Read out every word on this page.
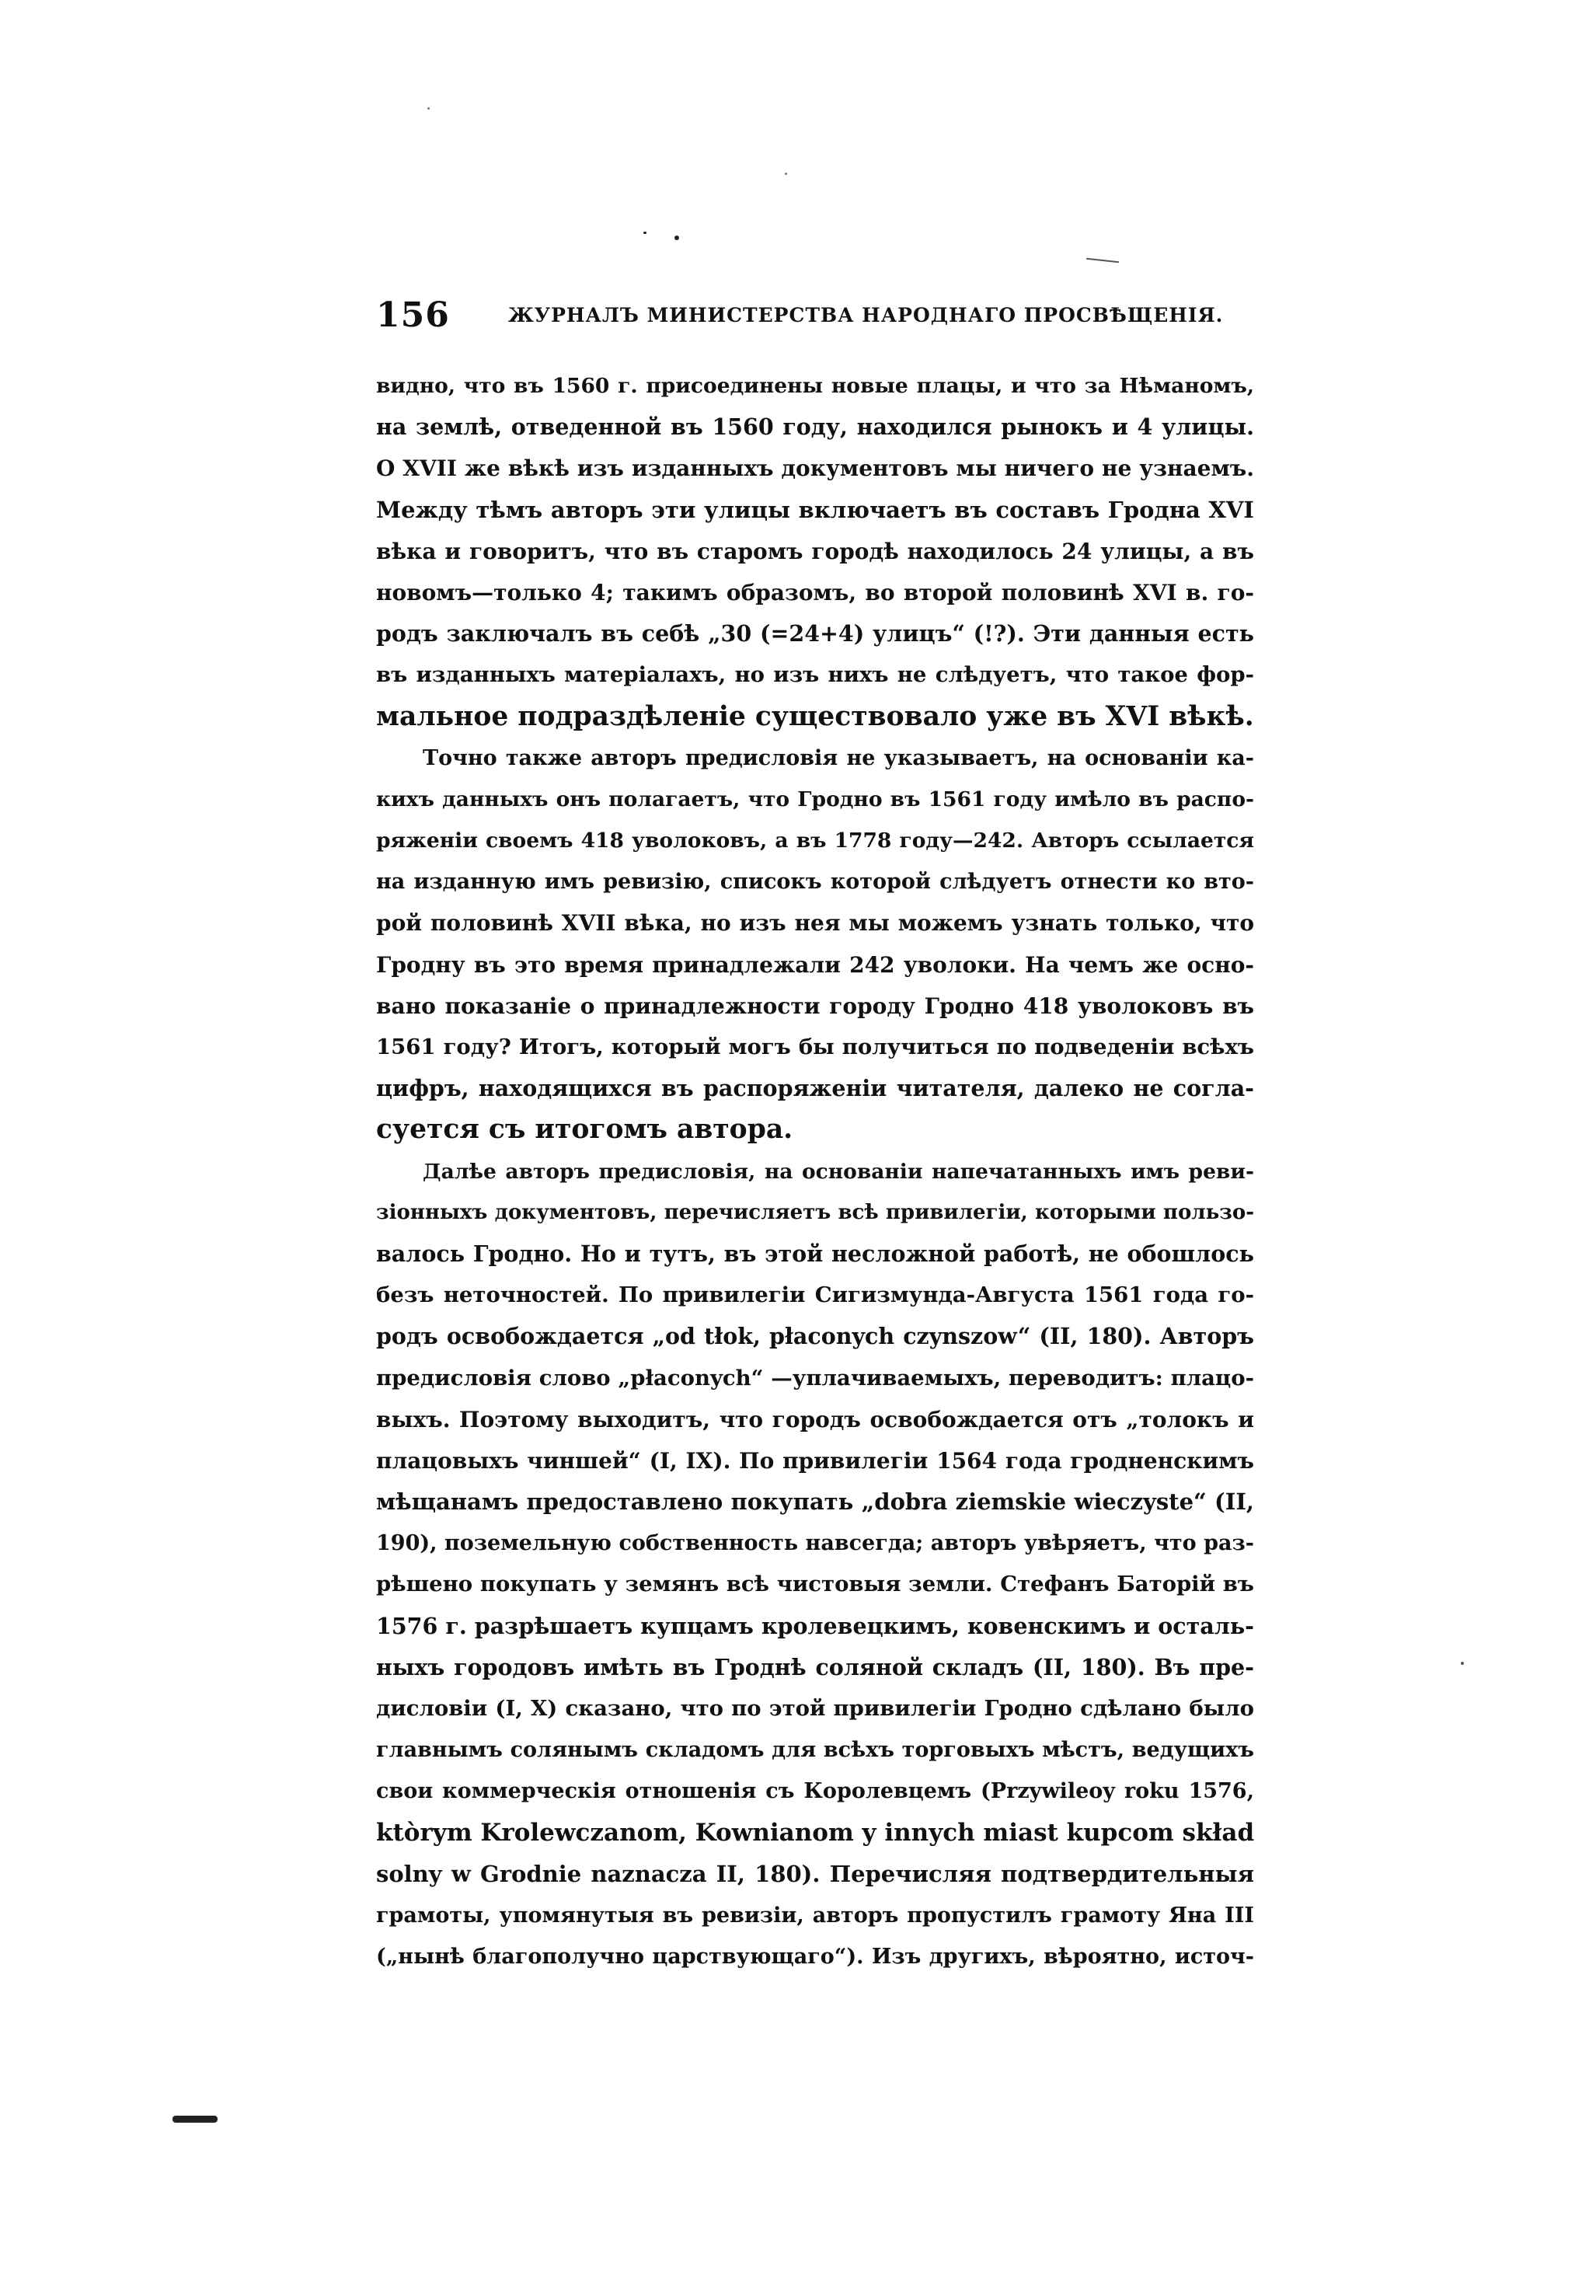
156	ЖУРНАЛЪ МИНИСТЕРСТВА НАРОДНАГО ПРОСВѢЩЕНІЯ.
видно, что въ 1560 г. присоединены новые плацы, и что за Нѣманомъ,
на землѣ, отведенной въ 1560 году, находился рынокъ и 4 улицы.
О XVII же вѣкѣ изъ изданныхъ документовъ мы ничего не узнаемъ.
Между тѣмъ авторъ эти улицы включаетъ въ составъ Гродна XVI
вѣка и говоритъ, что въ старомъ городѣ находилось 24 улицы, а въ
новомъ—только 4; такимъ образомъ, во второй половинѣ XVI в. го-
родъ заключалъ въ себѣ „30 (=24+4) улицъ“ (!?). Эти данныя есть
въ изданныхъ матеріалахъ, но изъ нихъ не слѣдуетъ, что такое фор-
мальное подраздѣленіе существовало уже въ XVI вѣкѣ.
Точно также авторъ предисловія не указываетъ, на основаніи ка-
кихъ данныхъ онъ полагаетъ, что Гродно въ 1561 году имѣло въ распо-
ряженіи своемъ 418 уволоковъ, а въ 1778 году—242. Авторъ ссылается
на изданную имъ ревизію, списокъ которой слѣдуетъ отнести ко вто-
рой половинѣ XVII вѣка, но изъ нея мы можемъ узнать только, что
Гродну въ это время принадлежали 242 уволоки. На чемъ же осно-
вано показаніе о принадлежности городу Гродно 418 уволоковъ въ
1561 году? Итогъ, который могъ бы получиться по подведеніи всѣхъ
цифръ, находящихся въ распоряженіи читателя, далеко не согла-
суется съ итогомъ автора.
Далѣе авторъ предисловія, на основаніи напечатанныхъ имъ реви-
зіонныхъ документовъ, перечисляетъ всѣ привилегіи, которыми пользо-
валось Гродно. Но и тутъ, въ этой несложной работѣ, не обошлось
безъ неточностей. По привилегіи Сигизмунда-Августа 1561 года го-
родъ освобождается „od tłok, płaconych czynszow“ (II, 180). Авторъ
предисловія слово „płaconych“ —уплачиваемыхъ, переводитъ: плацо-
выхъ. Поэтому выходитъ, что городъ освобождается отъ „толокъ и
плацовыхъ чиншей“ (I, IX). По привилегіи 1564 года гродненскимъ
мѣщанамъ предоставлено покупать „dobra ziemskie wieczyste“ (II,
190), поземельную собственность навсегда; авторъ увѣряетъ, что раз-
рѣшено покупать у земянъ всѣ чистовыя земли. Стефанъ Баторій въ
1576 г. разрѣшаетъ купцамъ кролевецкимъ, ковенскимъ и осталь-
ныхъ городовъ имѣть въ Гроднѣ соляной складъ (II, 180). Въ пре-
дисловіи (I, X) сказано, что по этой привилегіи Гродно сдѣлано было
главнымъ солянымъ складомъ для всѣхъ торговыхъ мѣстъ, ведущихъ
свои коммерческія отношенія съ Королевцемъ (Przywileoy roku 1576,
ktòrym Krolewczanom, Kownianom y innych miast kupcom skład
solny w Grodnie naznacza II, 180). Перечисляя подтвердительныя
грамоты, упомянутыя въ ревизіи, авторъ пропустилъ грамоту Яна III
(„нынѣ благополучно царствующаго“). Изъ другихъ, вѣроятно, источ-
